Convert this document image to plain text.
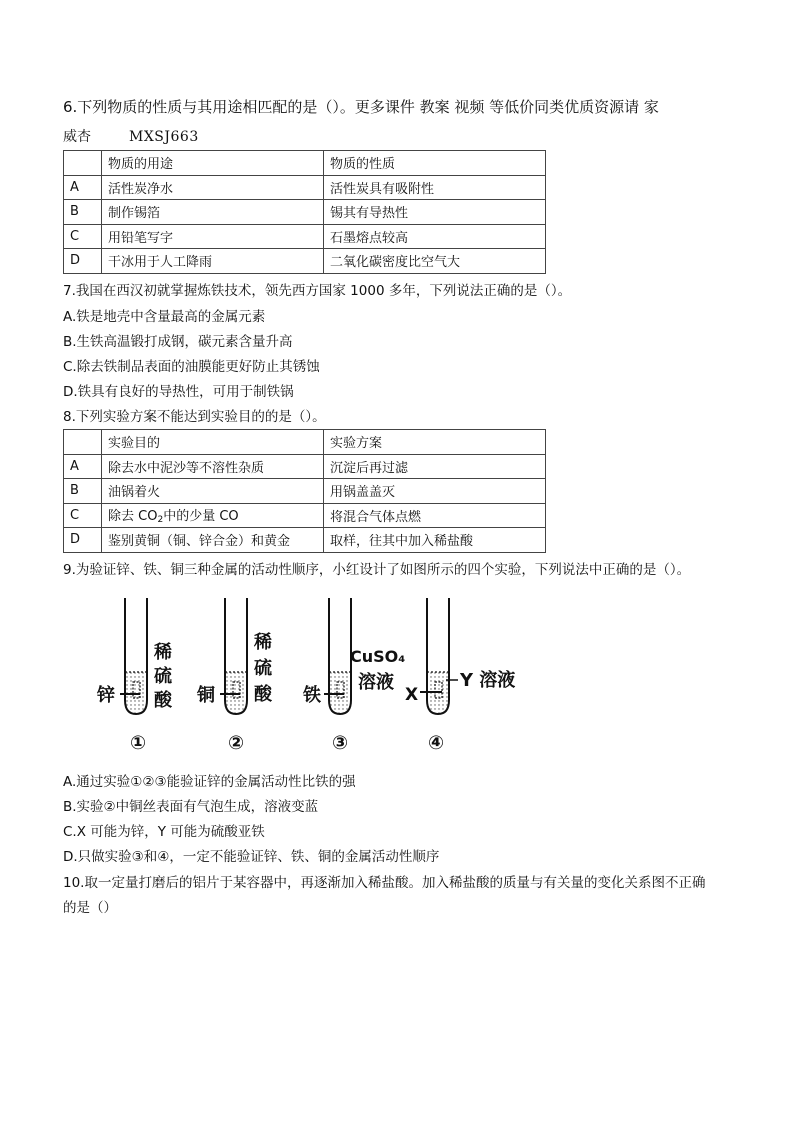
6.下列物质的性质与其用途相匹配的是（）。更多课件 教案 视频 等低价同类优质资源请 家
威杏	MXSJ663
	物质的用途	物质的性质
A	活性炭净水	活性炭具有吸附性
B	制作锡箔	锡其有导热性
C	用铅笔写字	石墨熔点较高
D	干冰用于人工降雨	二氧化碳密度比空气大
7.我国在西汉初就掌握炼铁技术，领先西方国家 1000 多年，下列说法正确的是（）。
A.铁是地壳中含量最高的金属元素
B.生铁高温锻打成钢，碳元素含量升高
C.除去铁制品表面的油膜能更好防止其锈蚀
D.铁具有良好的导热性，可用于制铁锅
8.下列实验方案不能达到实验目的的是（）。
	实验目的	实验方案
A	除去水中泥沙等不溶性杂质	沉淀后再过滤
B	油锅着火	用锅盖盖灭
C	除去 $CO_2$中的少量 CO	将混合气体点燃
D	鉴别黄铜（铜、锌合金）和黄金	取样，往其中加入稀盐酸
9.为验证锌、铁、铜三种金属的活动性顺序，小红设计了如图所示的四个实验，下列说法中正确的是（）。
锌
稀
硫
酸
①
铜
稀
硫
酸
②
铁
CuSO₄
溶液
③
X
Y 溶液
④
A.通过实验①②③能验证锌的金属活动性比铁的强
B.实验②中铜丝表面有气泡生成，溶液变蓝
C.X 可能为锌，Y 可能为硫酸亚铁
D.只做实验③和④，一定不能验证锌、铁、铜的金属活动性顺序
10.取一定量打磨后的铝片于某容器中，再逐渐加入稀盐酸。加入稀盐酸的质量与有关量的变化关系图不正确
的是（）
